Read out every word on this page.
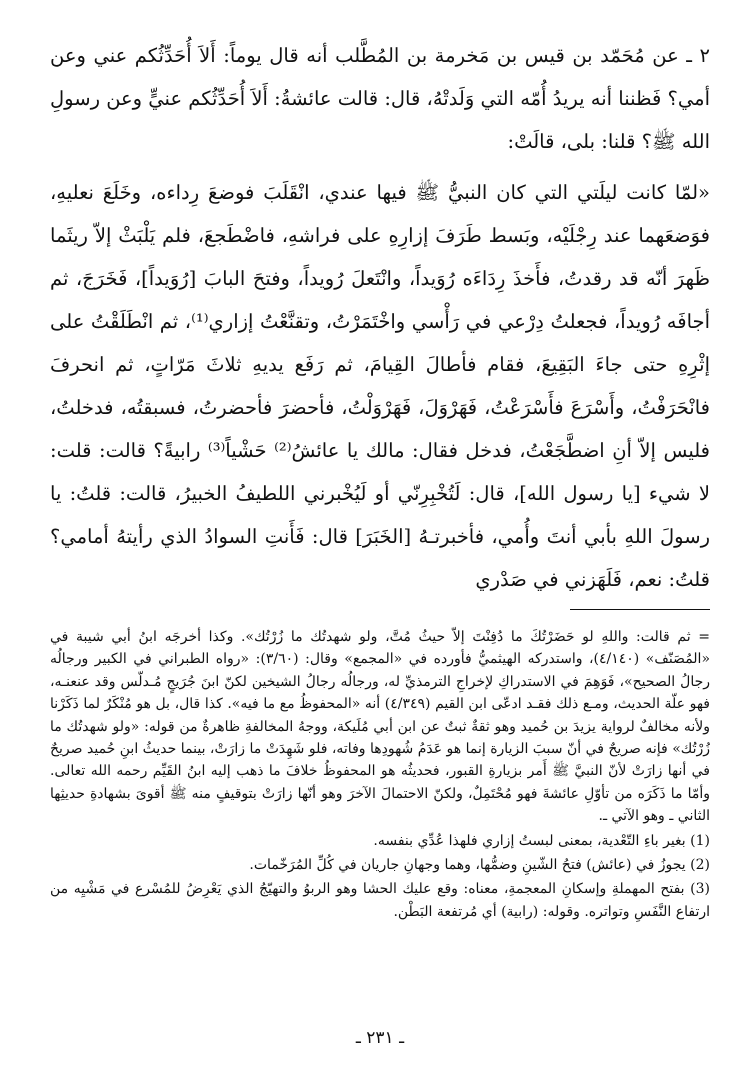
٢ ـ عن مُحَمّد بن قيس بن مَخرمة بن المُطَّلب أنه قال يوماً: أَلاَ أُحَدِّثُكم عني وعن أمي؟ فَظننا أنه يريدُ أُمّه التي وَلَدتْهُ، قال: قالت عائشةُ: أَلاَ أُحَدِّثُكم عنيٍّ وعن رسولِ الله ﷺ؟ قلنا: بلى، قالَتْ:

«لمّا كانت ليلَتي التي كان النبيُّ ﷺ فيها عندي، انْقَلَبَ فوضعَ رِداءه، وخَلَعَ نعليهِ، فوَضعَهما عند رِجْلَيْه، وبَسط طَرَفَ إزارِهِ على فراشهِ، فاضْطَجعَ، فلم يَلْبَثْ إلاّ ريثَما ظَهرَ أنّه قد رقدتُ، فأَخذَ رِدَاءَه رُوَيداً، وانْتَعلَ رُويداً، وفتحَ البابَ [رُوَيداً]، فَخَرَجَ، ثم أجافَه رُويداً، فجعلتُ دِرْعي في رَأْسي واخْتَمَرْتُ، وتقنَّعْتُ إزاري⁽¹⁾، ثم انْطَلَقْتُ على إثْرِهِ حتى جاءَ البَقِيعَ، فقام فأطالَ القِيامَ، ثم رَفَع يديهِ ثلاثَ مَرّاتٍ، ثم انحرفَ فانْحَرَفْتُ، وأَسْرَعَ فأَسْرَعْتُ، فَهَرْوَلَ، فَهَرْوَلْتُ، فأحضرَ فأحضرتُ، فسبقتُه، فدخلتُ، فليس إلاّ أنِ اضطَّجَعْتُ، فدخل فقال: مالك يا عائشُ⁽²⁾ حَشْياً⁽³⁾ رابيةً؟ قالت: قلت: لا شيء [يا رسول الله]، قال: لَتُخْبِرِنّي أو لَيُخْبرني اللطيفُ الخبيرُ، قالت: قلتُ: يا رسولَ اللهِ بأبي أنتَ وأُمي، فأخبرتـهُ [الخَبَرَ] قال: فَأَنتِ السوادُ الذي رأيتهُ أمامي؟ قلتُ: نعم، فَلَهَزني في صَدْري

= ثم قالت: واللهِ لو حَضَرْتُكَ ما دُفِنْتَ إلاّ حيثُ مُتَّ، ولو شهدتُك ما زُرْتُك». وكذا أخرجَه ابنُ أبي شيبة في «المُصَنّف» (٤/١٤٠)، واستدركه الهيثميُّ فأورده في «المجمع» وقال: (٣/٦٠): «رواه الطبراني في الكبير ورجالُه رجالُ الصحيح»، فَوَهِمَ في الاستدراكِ لإخراجِ الترمذيِّ له، ورجالُه رجالُ الشيخين لكنّ ابنَ جُرَيجٍ مُـدلّس وقد عنعنـه، فهو علّة الحديث، ومـع ذلك فقـد ادعّى ابن القيم (٤/٣٤٩) أنه «المحفوظُ مع ما فيه». كذا قال، بل هو مُنْكَرٌ لما ذَكَرْنا ولأنه مخالفٌ لرواية يزيدَ بن حُميد وهو ثقةٌ ثبتٌ عن ابن أبي مُلَيكة، ووجهُ المخالفةِ ظاهرةٌ من قوله: «ولو شهدتُك ما زُرْتُك» فإنه صريحٌ في أنّ سببَ الزيارة إنما هو عَدَمُ شُهودِها وفاته، فلو شَهِدَتْ ما زارَتْ، بينما حديثُ ابنِ حُميد صريحٌ في أنها زارَتْ لأنّ النبيَّ ﷺ أَمر بزيارةِ القبور، فحديثُه هو المحفوظُ خلافَ ما ذهب إليه ابنُ القَيِّم رحمه الله تعالى. وأمّا ما ذَكَرَه من تأوّلِ عائشةَ فهو مُحْتَمِلٌ، ولكنّ الاحتمالَ الآخرَ وهو أنّها زارَتْ بتوقيفٍ منه ﷺ أقوىَ بشهادةِ حديثِها الثاني ـ وهو الآتي ـ.

(1) بغير باءِ التّعْدية، بمعنى لبستُ إزاري فلهذا عُدِّي بنفسه.

(2) يجوزُ في (عائش) فتحُ الشّينِ وضمُّها، وهما وجهانِ جاريان في كُلِّ المُرَخّمات.

(3) بفتح المهملةِ وإسكانِ المعجمةِ، معناه: وقع عليك الحشا وهو الربوُ والتهيّجُ الذي يَعْرِضُ للمُسْرع في مَشْيِه من ارتفاع النَّفَسِ وتواتره. وقوله: (رابية) أي مُرتفعة البَطْن.

ـ ٢٣١ ـ
